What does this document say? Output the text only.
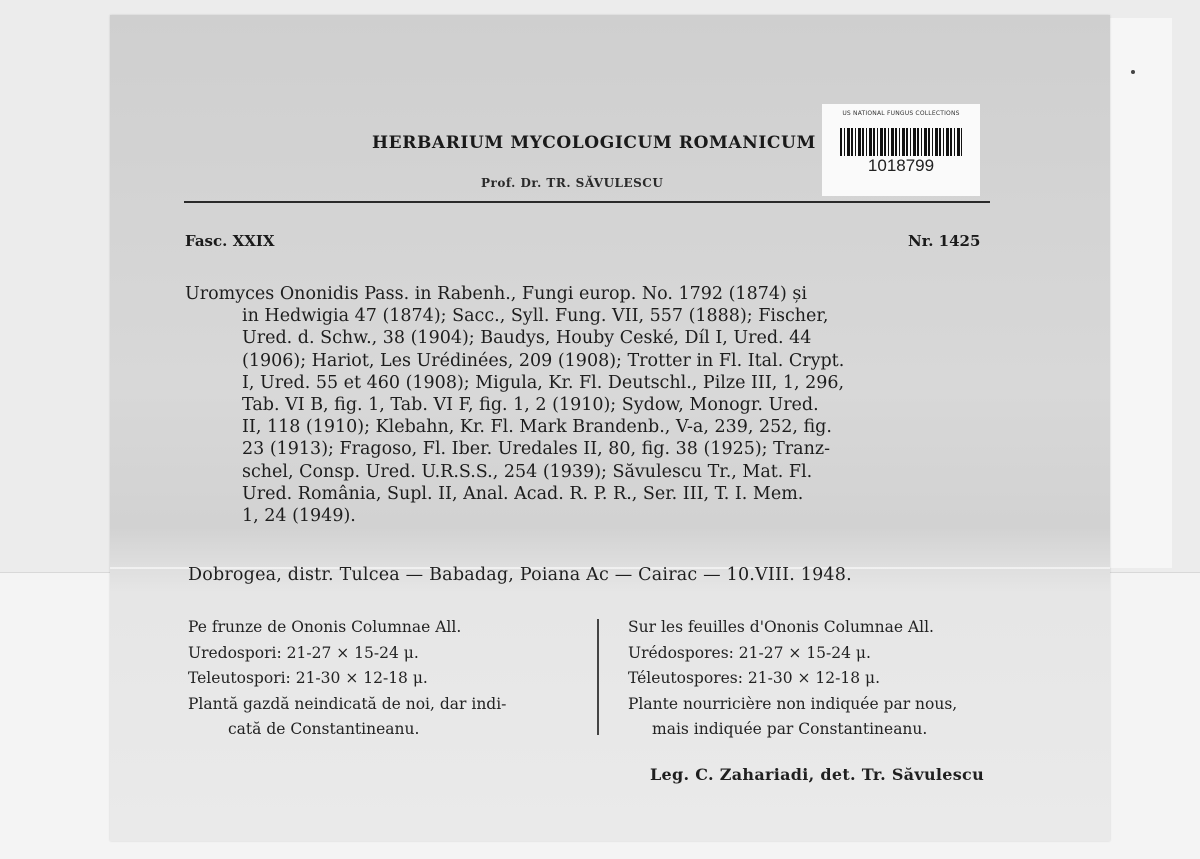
HERBARIUM MYCOLOGICUM ROMANICUM
Prof. Dr. TR. SĂVULESCU
US NATIONAL FUNGUS COLLECTIONS
1018799
Fasc. XXIX	Nr. 1425
Uromyces Ononidis Pass. in Rabenh., Fungi europ. No. 1792 (1874) și
in Hedwigia 47 (1874); Sacc., Syll. Fung. VII, 557 (1888); Fischer,
Ured. d. Schw., 38 (1904); Baudys, Houby Ceské, Díl I, Ured. 44
(1906); Hariot, Les Urédinées, 209 (1908); Trotter in Fl. Ital. Crypt.
I, Ured. 55 et 460 (1908); Migula, Kr. Fl. Deutschl., Pilze III, 1, 296,
Tab. VI B, fig. 1, Tab. VI F, fig. 1, 2 (1910); Sydow, Monogr. Ured.
II, 118 (1910); Klebahn, Kr. Fl. Mark Brandenb., V-a, 239, 252, fig.
23 (1913); Fragoso, Fl. Iber. Uredales II, 80, fig. 38 (1925); Tranz-
schel, Consp. Ured. U.R.S.S., 254 (1939); Săvulescu Tr., Mat. Fl.
Ured. România, Supl. II, Anal. Acad. R. P. R., Ser. III, T. I. Mem.
1, 24 (1949).
Dobrogea, distr. Tulcea — Babadag, Poiana Ac — Cairac — 10.VIII. 1948.
Pe frunze de Ononis Columnae All.
Uredospori: 21-27 × 15-24 μ.
Teleutospori: 21-30 × 12-18 μ.
Plantă gazdă neindicată de noi, dar indi-
cată de Constantineanu.
Sur les feuilles d'Ononis Columnae All.
Urédospores: 21-27 × 15-24 μ.
Téleutospores: 21-30 × 12-18 μ.
Plante nourricière non indiquée par nous,
mais indiquée par Constantineanu.
Leg. C. Zahariadi, det. Tr. Săvulescu
